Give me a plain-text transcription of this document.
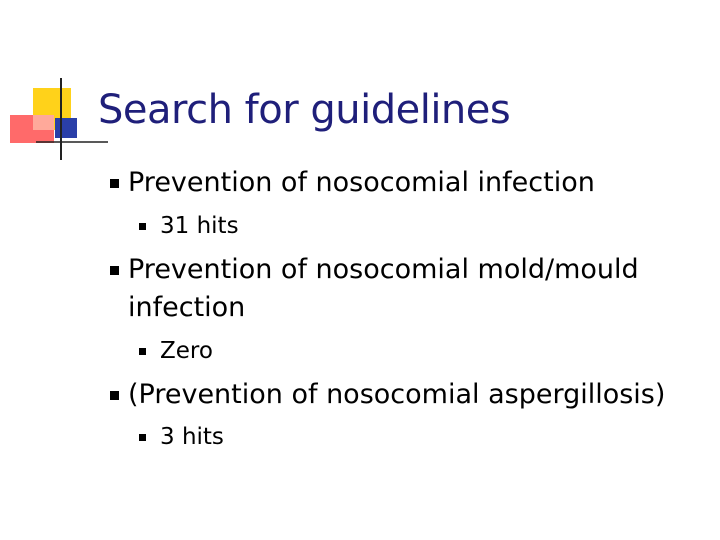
Search for guidelines
Prevention of nosocomial infection
31 hits
Prevention of nosocomial mold/mould
infection
Zero
(Prevention of nosocomial aspergillosis)
3 hits
